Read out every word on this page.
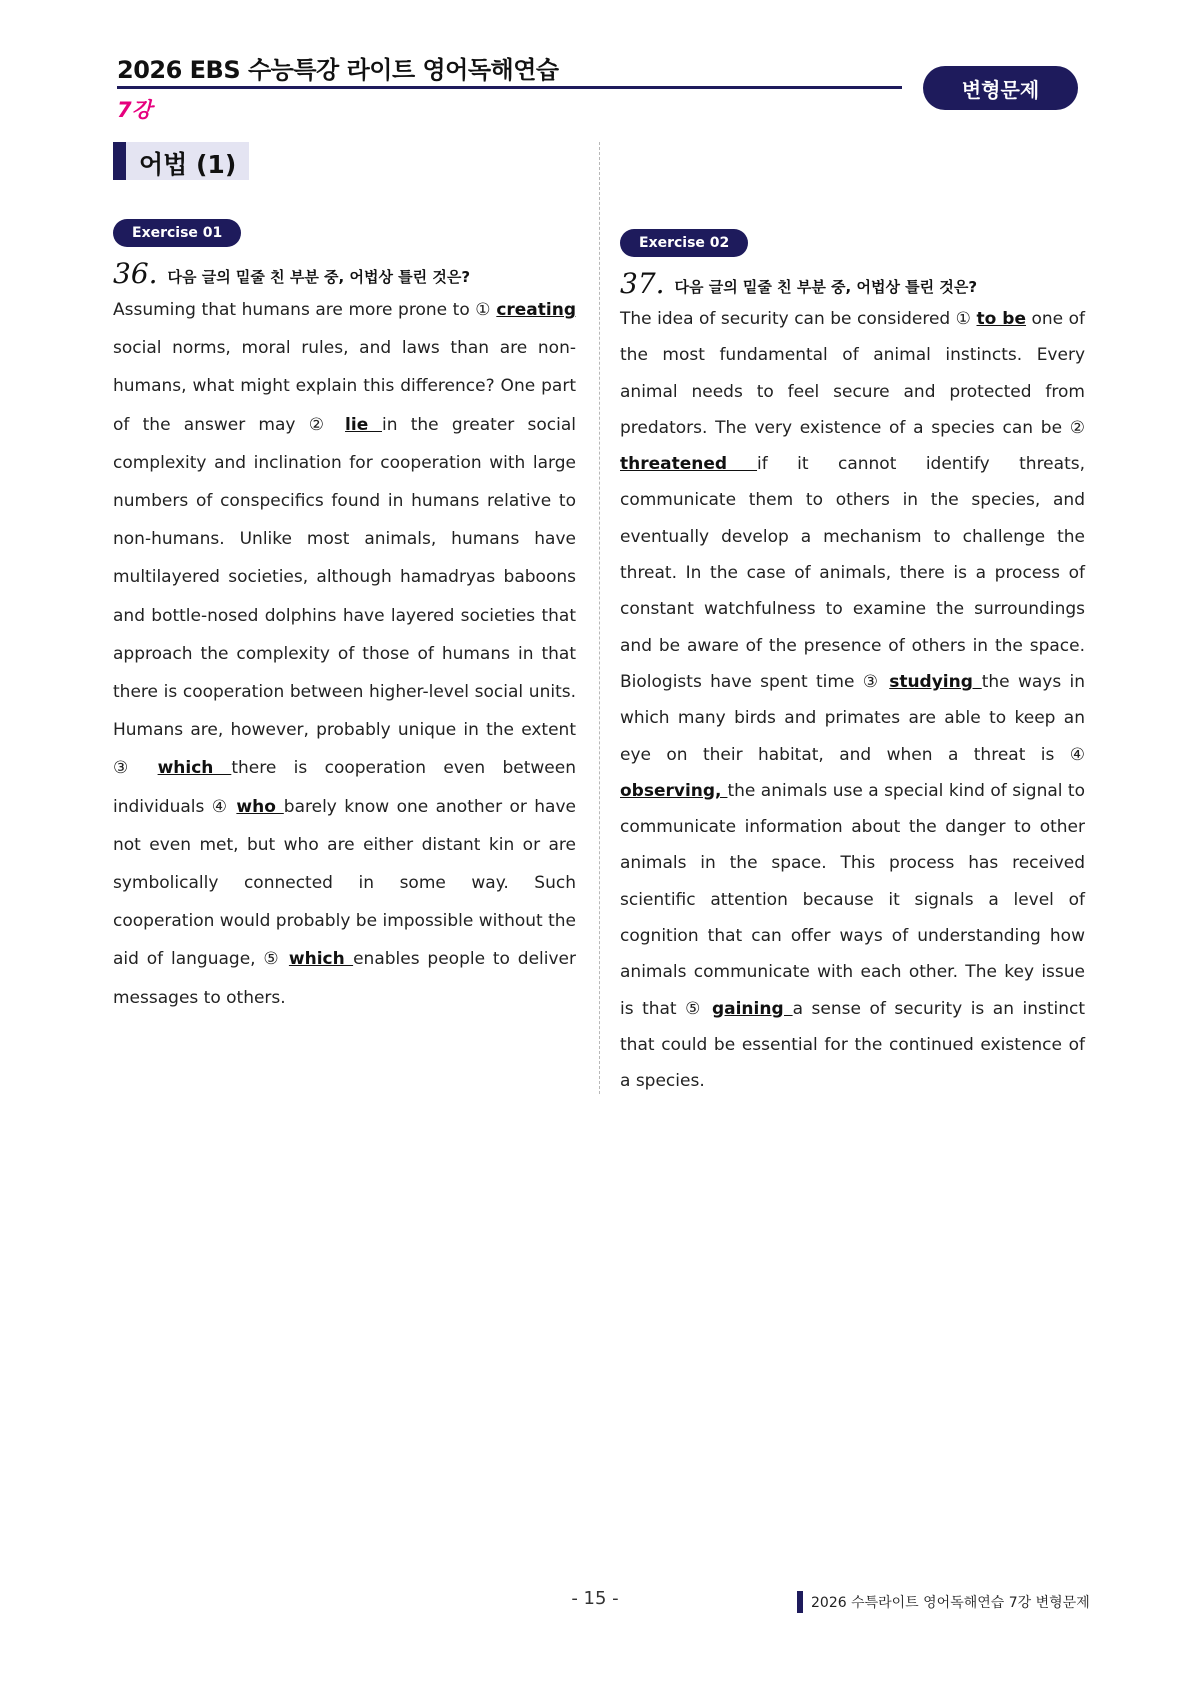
2026 EBS 수능특강 라이트 영어독해연습
7강
변형문제
어법 (1)
Exercise 01
36. 다음 글의 밑줄 친 부분 중, 어법상 틀린 것은?

Assuming that humans are more prone to ① creating social norms, moral rules, and laws than are non-humans, what might explain this difference? One part of the answer may ② lie in the greater social complexity and inclination for cooperation with large numbers of conspecifics found in humans relative to non-humans. Unlike most animals, humans have multilayered societies, although hamadryas baboons and bottle-nosed dolphins have layered societies that approach the complexity of those of humans in that there is cooperation between higher-level social units. Humans are, however, probably unique in the extent ③ which there is cooperation even between individuals ④ who barely know one another or have not even met, but who are either distant kin or are symbolically connected in some way. Such cooperation would probably be impossible without the aid of language, ⑤ which enables people to deliver messages to others.

Exercise 02
37. 다음 글의 밑줄 친 부분 중, 어법상 틀린 것은?

The idea of security can be considered ① to be one of the most fundamental of animal instincts. Every animal needs to feel secure and protected from predators. The very existence of a species can be ② threatened if it cannot identify threats, communicate them to others in the species, and eventually develop a mechanism to challenge the threat. In the case of animals, there is a process of constant watchfulness to examine the surroundings and be aware of the presence of others in the space. Biologists have spent time ③ studying the ways in which many birds and primates are able to keep an eye on their habitat, and when a threat is ④ observing, the animals use a special kind of signal to communicate information about the danger to other animals in the space. This process has received scientific attention because it signals a level of cognition that can offer ways of understanding how animals communicate with each other. The key issue is that ⑤ gaining a sense of security is an instinct that could be essential for the continued existence of a species.

- 15 -	2026 수특라이트 영어독해연습 7강 변형문제
